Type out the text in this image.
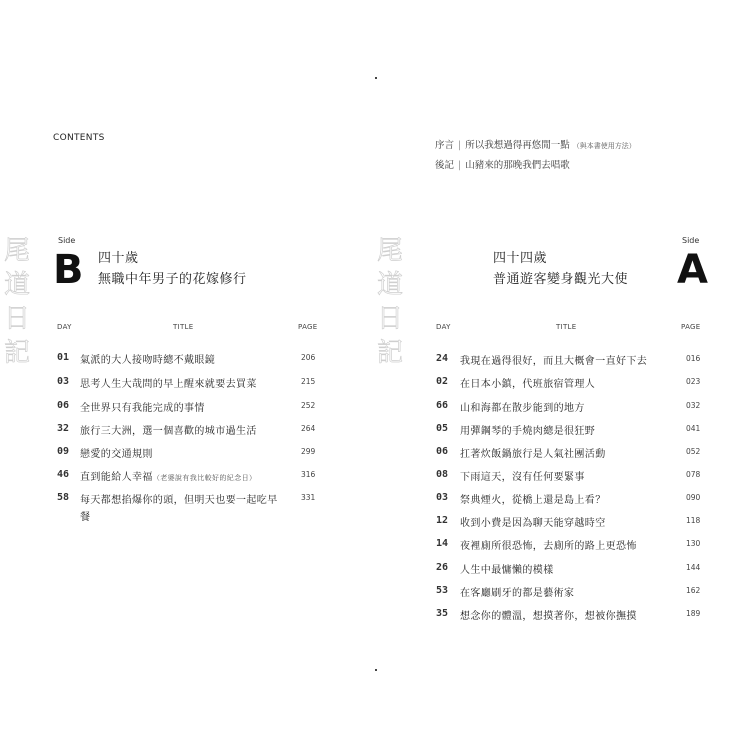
CONTENTS
序言 | 所以我想過得再悠閒一點 （與本書使用方法）
後記 | 山豬來的那晚我們去唱歌
尾
道
日
記
尾
道
日
記
Side
B 四十歲
無職中年男子的花嫁修行
Side
A
四十四歲
普通遊客變身觀光大使
DAY	TITLE	PAGE	DAY	TITLE	PAGE
01 氣派的大人接吻時總不戴眼鏡	206
03 思考人生大哉問的早上醒來就要去買菜	215
06 全世界只有我能完成的事情	252
32 旅行三大洲，選一個喜歡的城市過生活	264
09 戀愛的交通規則	299
46 直到能給人幸福（老婆說有我比較好的紀念日）	316
58 每天都想掐爆你的頭，但明天也要一起吃早餐
331
24 我現在過得很好，而且大概會一直好下去	016
02 在日本小鎮，代班旅宿管理人	023
66 山和海都在散步能到的地方	032
05 用彈鋼琴的手燒肉總是很狂野	041
06 扛著炊飯鍋旅行是人氣社團活動	052
08 下雨這天，沒有任何要緊事	078
03 祭典煙火，從橋上還是島上看？	090
12 收到小費是因為聊天能穿越時空	118
14 夜裡廁所很恐怖，去廁所的路上更恐怖	130
26 人生中最慵懶的模樣	144
53 在客廳刷牙的都是藝術家	162
35 想念你的體溫，想摸著你，想被你撫摸	189
